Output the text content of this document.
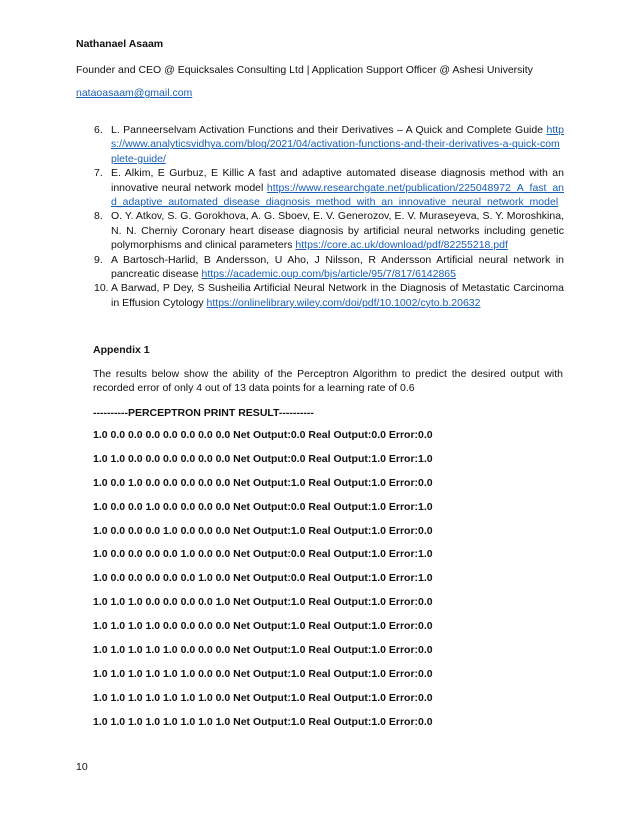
Nathanael Asaam
Founder and CEO @ Equicksales Consulting Ltd | Application Support Officer @ Ashesi University
nataoasaam@gmail.com
6. L. Panneerselvam Activation Functions and their Derivatives – A Quick and Complete Guide https://www.analyticsvidhya.com/blog/2021/04/activation-functions-and-their-derivatives-a-quick-complete-guide/
7. E. Alkim, E Gurbuz, E Killic A fast and adaptive automated disease diagnosis method with an innovative neural network model https://www.researchgate.net/publication/225048972_A_fast_and_adaptive_automated_disease_diagnosis_method_with_an_innovative_neural_network_model
8. O. Y. Atkov, S. G. Gorokhova, A. G. Sboev, E. V. Generozov, E. V. Muraseyeva, S. Y. Moroshkina, N. N. Cherniy Coronary heart disease diagnosis by artificial neural networks including genetic polymorphisms and clinical parameters https://core.ac.uk/download/pdf/82255218.pdf
9. A Bartosch-Harlid, B Andersson, U Aho, J Nilsson, R Andersson Artificial neural network in pancreatic disease https://academic.oup.com/bjs/article/95/7/817/6142865
10. A Barwad, P Dey, S Susheilia Artificial Neural Network in the Diagnosis of Metastatic Carcinoma in Effusion Cytology https://onlinelibrary.wiley.com/doi/pdf/10.1002/cyto.b.20632
Appendix 1
The results below show the ability of the Perceptron Algorithm to predict the desired output with recorded error of only 4 out of 13 data points for a learning rate of 0.6
----------PERCEPTRON PRINT RESULT----------
1.0 0.0 0.0 0.0 0.0 0.0 0.0 0.0 Net Output:0.0 Real Output:0.0 Error:0.0
1.0 1.0 0.0 0.0 0.0 0.0 0.0 0.0 Net Output:0.0 Real Output:1.0 Error:1.0
1.0 0.0 1.0 0.0 0.0 0.0 0.0 0.0 Net Output:1.0 Real Output:1.0 Error:0.0
1.0 0.0 0.0 1.0 0.0 0.0 0.0 0.0 Net Output:0.0 Real Output:1.0 Error:1.0
1.0 0.0 0.0 0.0 1.0 0.0 0.0 0.0 Net Output:1.0 Real Output:1.0 Error:0.0
1.0 0.0 0.0 0.0 0.0 1.0 0.0 0.0 Net Output:0.0 Real Output:1.0 Error:1.0
1.0 0.0 0.0 0.0 0.0 0.0 1.0 0.0 Net Output:0.0 Real Output:1.0 Error:1.0
1.0 1.0 1.0 0.0 0.0 0.0 0.0 1.0 Net Output:1.0 Real Output:1.0 Error:0.0
1.0 1.0 1.0 1.0 0.0 0.0 0.0 0.0 Net Output:1.0 Real Output:1.0 Error:0.0
1.0 1.0 1.0 1.0 1.0 0.0 0.0 0.0 Net Output:1.0 Real Output:1.0 Error:0.0
1.0 1.0 1.0 1.0 1.0 1.0 0.0 0.0 Net Output:1.0 Real Output:1.0 Error:0.0
1.0 1.0 1.0 1.0 1.0 1.0 1.0 0.0 Net Output:1.0 Real Output:1.0 Error:0.0
1.0 1.0 1.0 1.0 1.0 1.0 1.0 1.0 Net Output:1.0 Real Output:1.0 Error:0.0
10
